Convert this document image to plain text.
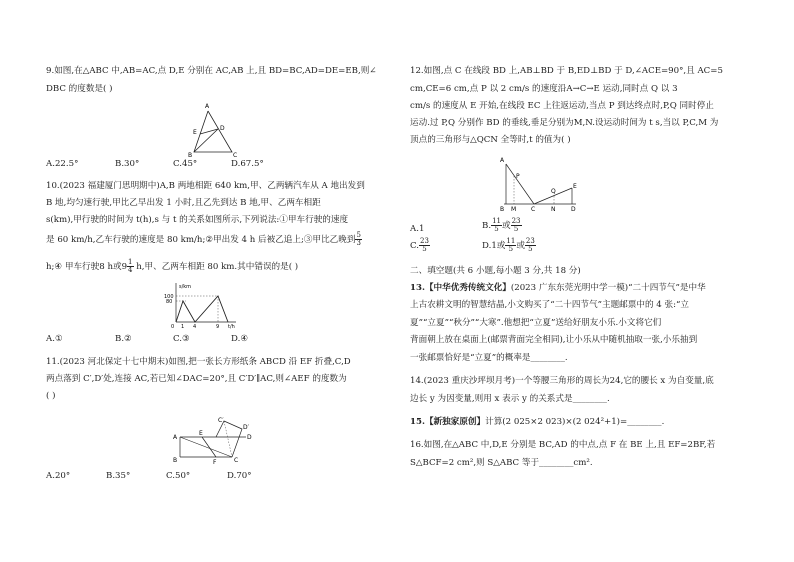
9.如图,在△ABC 中,AB=AC,点 D,E 分别在 AC,AB 上,且 BD=BC,AD=DE=EB,则∠
DBC 的度数是( )
A
E
D
B	C
A.22.5°	B.30°	C.45°	D.67.5°
10.(2023 福建厦门思明期中)A,B 两地相距 640 km,甲、乙两辆汽车从 A 地出发到
B 地,均匀速行驶,甲比乙早出发 1 小时,且乙先到达 B 地,甲、乙两车相距
s(km),甲行驶的时间为 t(h),s 与 t 的关系如图所示,下列说法:①甲车行驶的速度
是 60 km/h,乙车行驶的速度是 80 km/h;②甲出发 4 h 后被乙追上;③甲比乙晚到 $\frac{5}{3}$
h;④ 甲车行驶8 h或$9 \frac{1}{4} h$,甲、乙两车相距 80 km.其中错误的是( )
s/km
100
80
0 1 4	9 t/h
A.①	B.②	C.③	D.④
11.(2023 河北保定十七中期末)如图,把一张长方形纸条 ABCD 沿 EF 折叠,C,D
两点落到 C′,D′处,连接 AC,若已知∠DAC=20°,且 C′D′∥AC,则∠AEF 的度数为
( )
A
E
D
D′
C′
B	F	C
A.20°	B.35°	C.50°	D.70°
12.如图,点 C 在线段 BD 上,AB⊥BD 于 B,ED⊥BD 于 D,∠ACE=90°,且 AC=5
cm,CE=6 cm,点 P 以 2 cm/s 的速度沿A→C→E 运动,同时点 Q 以 3
cm/s 的速度从 E 开始,在线段 EC 上往返运动,当点 P 到达终点时,P,Q 同时停止
运动.过 P,Q 分别作 BD 的垂线,垂足分别为M,N.设运动时间为 t s,当以 P,C,M 为
顶点的三角形与△QCN 全等时,t 的值为( )
A
P
Q
E
B M C	N	D
A.1	B. $\frac{11}{5}$ 或 $\frac{23}{5}$
C. $\frac{23}{5}$	D.1或 $\frac{11}{5}$ 或 $\frac{23}{5}$
二、填空题(共 6 小题,每小题 3 分,共 18 分)
13.【中华优秀传统文化】(2023 广东东莞光明中学一模)“二十四节气”是中华
上古农耕文明的智慧结晶,小文购买了“二十四节气”主题邮票中的 4 张:“立
夏”“立夏”“秋分”“大寒”.他想把“立夏”送给好朋友小乐.小文将它们
背面朝上放在桌面上(邮票背面完全相同),让小乐从中随机抽取一张,小乐抽到
一张邮票恰好是“立夏”的概率是________.
14.(2023 重庆沙坪坝月考)一个等腰三角形的周长为24,它的腰长 x 为自变量,底
边长 y 为因变量,则用 x 表示 y 的关系式是________.
15.【新独家原创】计算(2 025×2 023)×(2 024²+1)=________.
16.如图,在△ABC 中,D,E 分别是 BC,AD 的中点,点 F 在 BE 上,且 EF=2BF,若
S△BCF=2 cm²,则 S△ABC 等于________cm².
